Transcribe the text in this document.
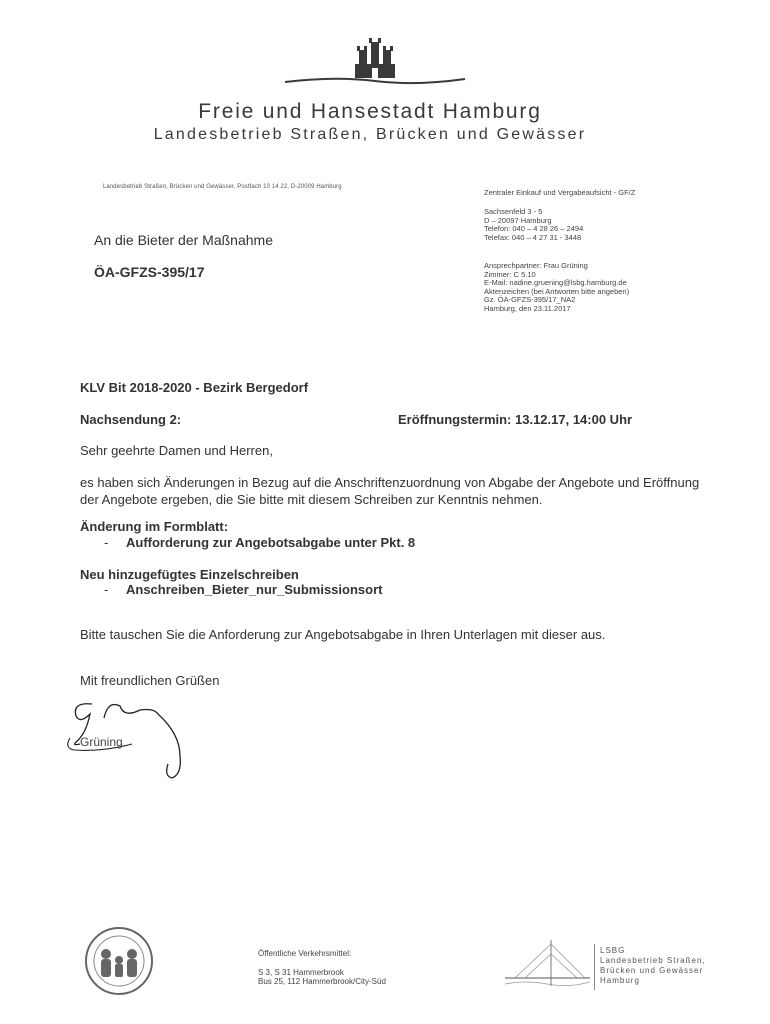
Freie und Hansestadt Hamburg
Landesbetrieb Straßen, Brücken und Gewässer
Landesbetrieb Straßen, Brücken und Gewässer, Postfach 10 14 22, D-20009 Hamburg
Zentraler Einkauf und Vergabeaufsicht - GF/Z
Sachsenfeld 3 - 5
D – 20097 Hamburg
Telefon: 040 – 4 28 26 – 2494
Telefax: 040 – 4 27 31 - 3448
Ansprechpartner: Frau Grüning
Zimmer: C 5.10
E-Mail: nadine.gruening@lsbg.hamburg.de
Aktenzeichen (bei Antworten bitte angeben)
Gz. ÖA-GFZS-395/17_NA2
Hamburg, den 23.11.2017
An die Bieter der Maßnahme
ÖA-GFZS-395/17
KLV Bit 2018-2020 - Bezirk Bergedorf
Nachsendung 2:	Eröffnungstermin: 13.12.17, 14:00 Uhr
Sehr geehrte Damen und Herren,
es haben sich Änderungen in Bezug auf die Anschriftenzuordnung von Abgabe der Angebote und Eröffnung der Angebote ergeben, die Sie bitte mit diesem Schreiben zur Kenntnis nehmen.
Änderung im Formblatt:
- Aufforderung zur Angebotsabgabe unter Pkt. 8
Neu hinzugefügtes Einzelschreiben
- Anschreiben_Bieter_nur_Submissionsort
Bitte tauschen Sie die Anforderung zur Angebotsabgabe in Ihren Unterlagen mit dieser aus.
Mit freundlichen Grüßen
Grüning
Öffentliche Verkehrsmittel:
S 3, S 31 Hammerbrook
Bus 25, 112 Hammerbrook/City-Süd
LSBG
Landesbetrieb Straßen,
Brücken und Gewässer
Hamburg
